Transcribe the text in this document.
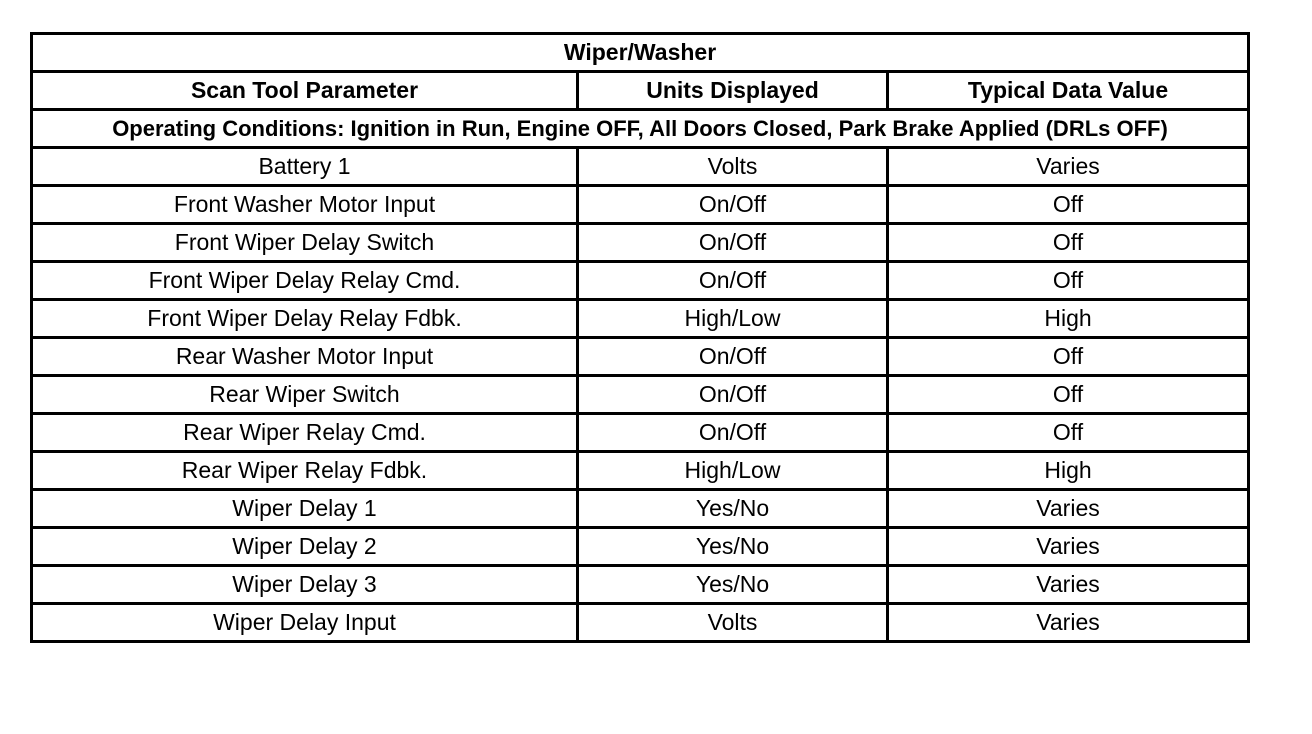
Wiper/Washer		
Scan Tool Parameter	Units Displayed	Typical Data Value
Operating Conditions: Ignition in Run, Engine OFF, All Doors Closed, Park Brake Applied (DRLs OFF)		
Battery 1	Volts	Varies
Front Washer Motor Input	On/Off	Off
Front Wiper Delay Switch	On/Off	Off
Front Wiper Delay Relay Cmd.	On/Off	Off
Front Wiper Delay Relay Fdbk.	High/Low	High
Rear Washer Motor Input	On/Off	Off
Rear Wiper Switch	On/Off	Off
Rear Wiper Relay Cmd.	On/Off	Off
Rear Wiper Relay Fdbk.	High/Low	High
Wiper Delay 1	Yes/No	Varies
Wiper Delay 2	Yes/No	Varies
Wiper Delay 3	Yes/No	Varies
Wiper Delay Input	Volts	Varies
